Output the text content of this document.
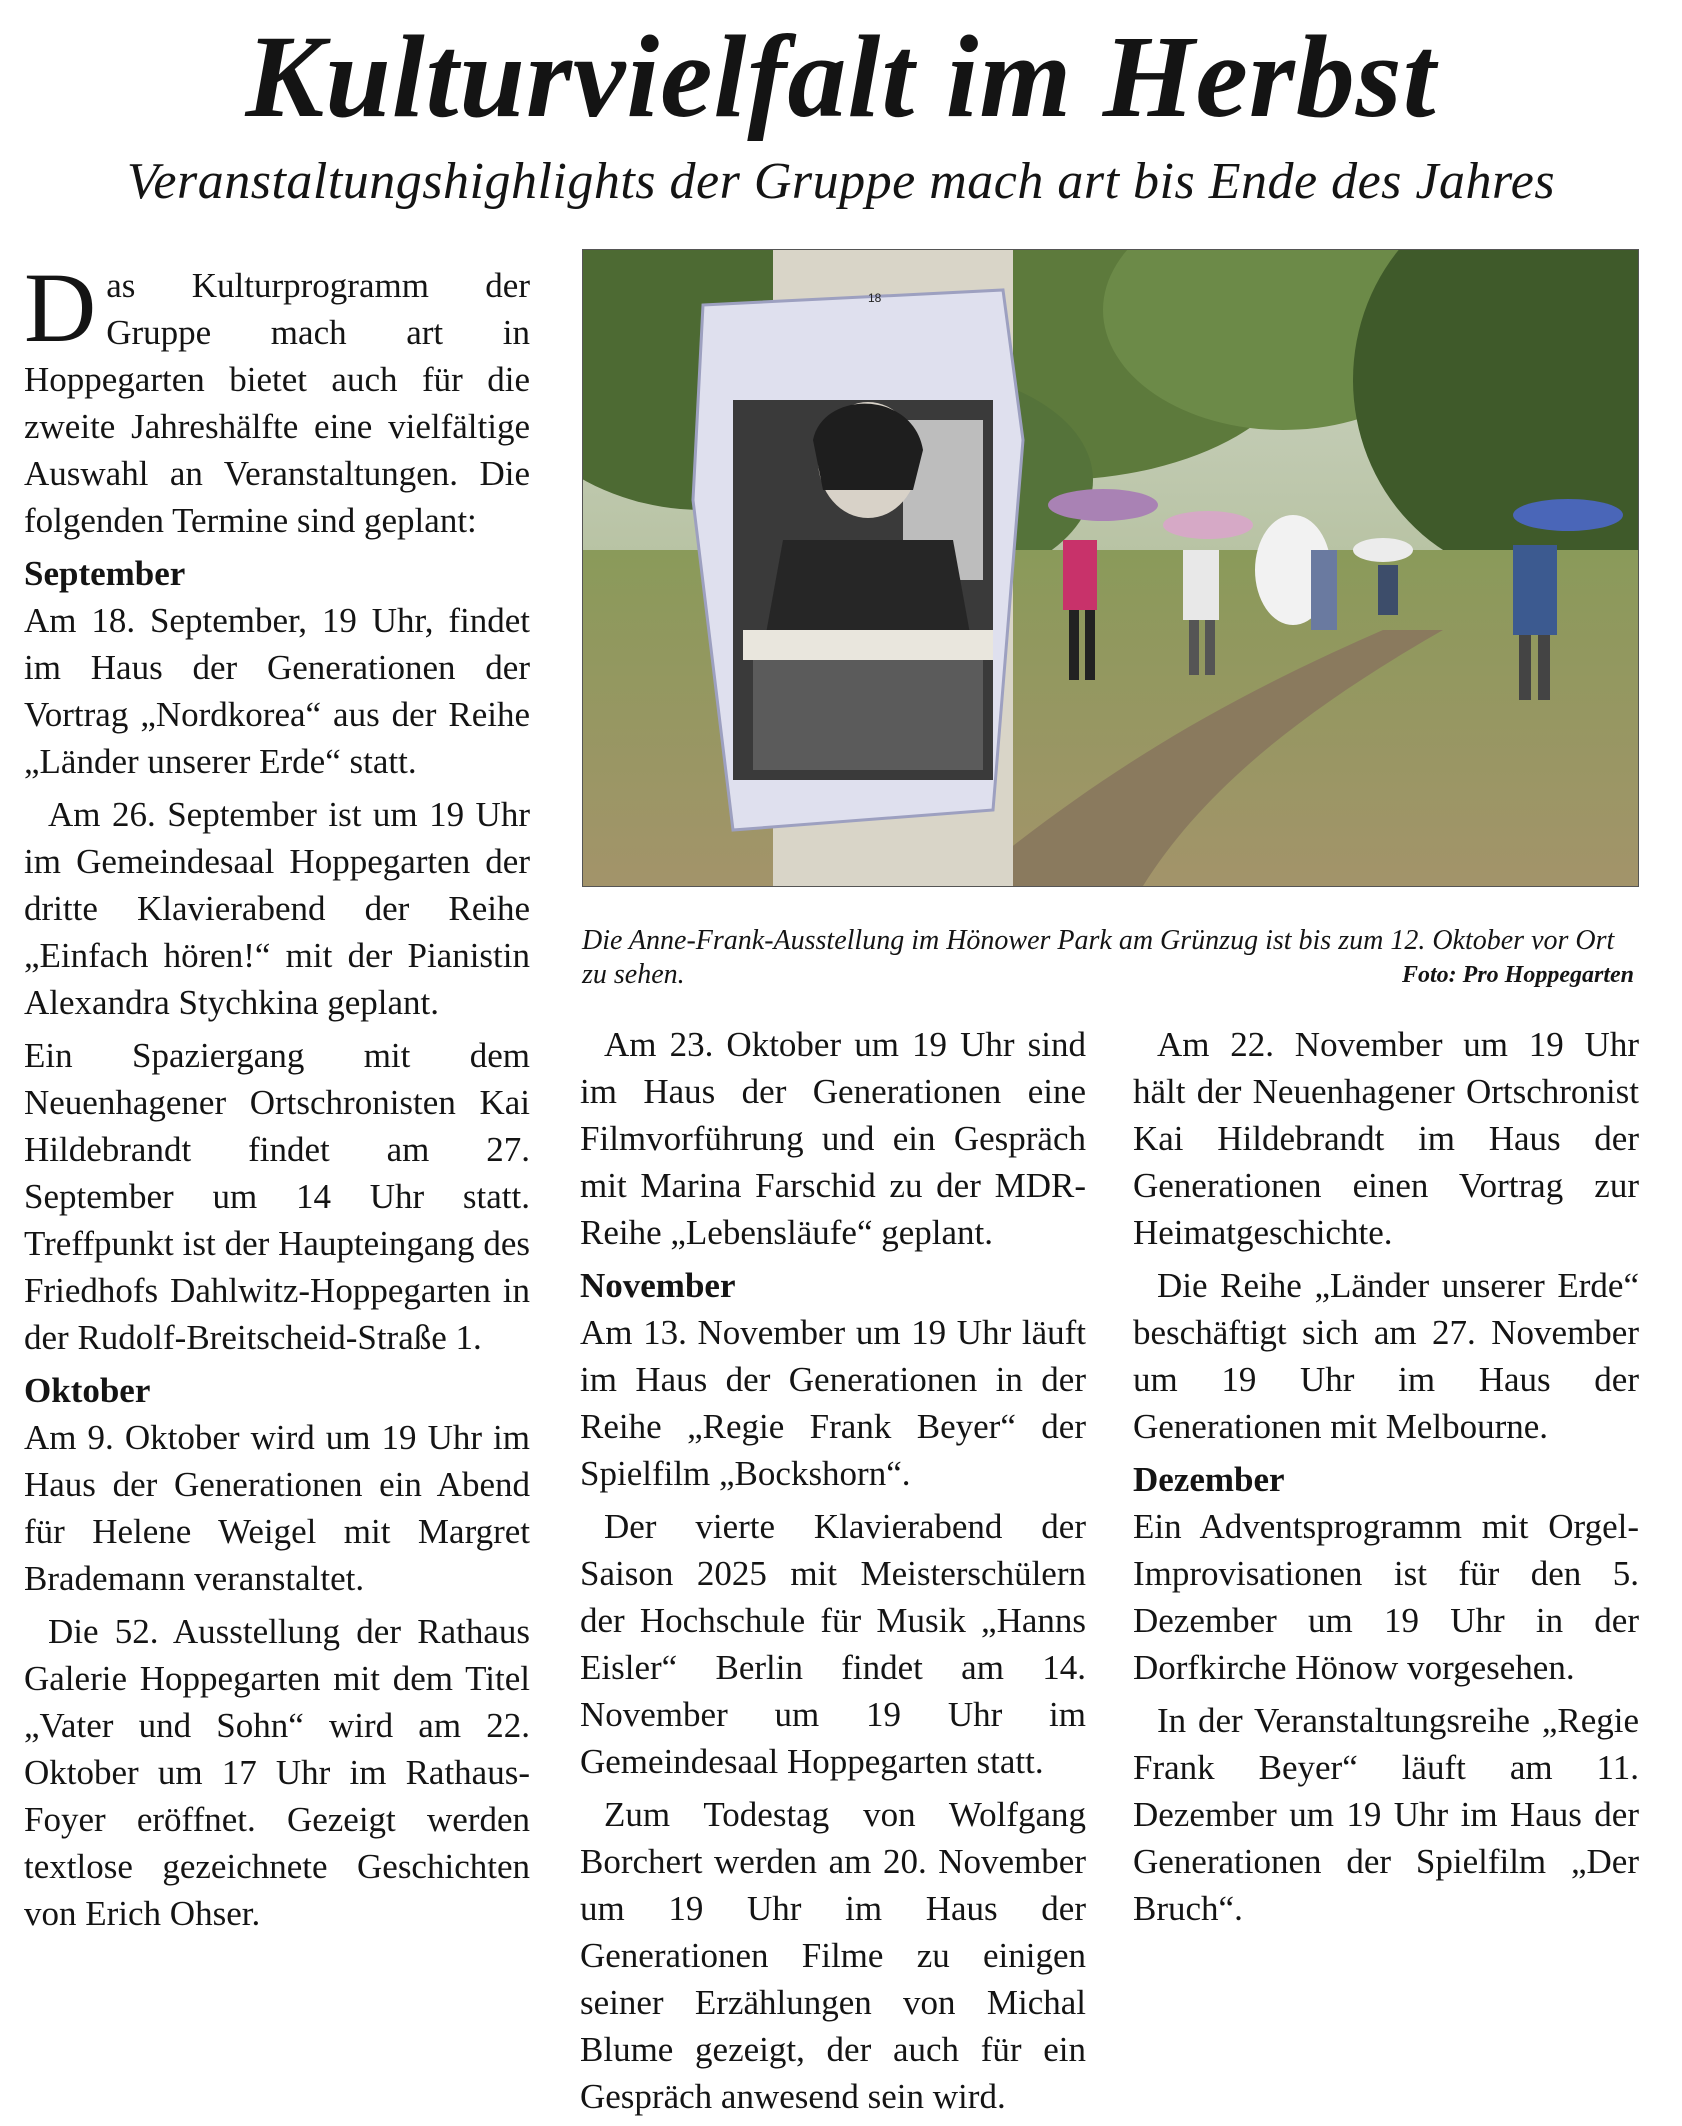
Kulturvielfalt im Herbst
Veranstaltungshighlights der Gruppe mach art bis Ende des Jahres

Das Kulturprogramm der Gruppe mach art in Hoppegarten bietet auch für die zweite Jahreshälfte eine vielfältige Auswahl an Veranstaltungen. Die folgenden Termine sind geplant:

September

Am 18. September, 19 Uhr, findet im Haus der Generationen der Vortrag „Nordkorea“ aus der Reihe „Länder unserer Erde“ statt.

Am 26. September ist um 19 Uhr im Gemeindesaal Hoppegarten der dritte Klavierabend der Reihe „Einfach hören!“ mit der Pianistin Alexandra Stychkina geplant.

Ein Spaziergang mit dem Neuenhagener Ortschronisten Kai Hildebrandt findet am 27. September um 14 Uhr statt. Treffpunkt ist der Haupteingang des Friedhofs Dahlwitz-Hoppegarten in der Rudolf-Breitscheid-Straße 1.

Oktober

Am 9. Oktober wird um 19 Uhr im Haus der Generationen ein Abend für Helene Weigel mit Margret Brademann veranstaltet.

Die 52. Ausstellung der Rathaus Galerie Hoppegarten mit dem Titel „Vater und Sohn“ wird am 22. Oktober um 17 Uhr im Rathaus-Foyer eröffnet. Gezeigt werden textlose gezeichnete Geschichten von Erich Ohser.

18
Die Anne-Frank-Ausstellung im Hönower Park am Grünzug ist bis zum 12. Oktober vor Ort zu sehen.	Foto: Pro Hoppegarten

Am 23. Oktober um 19 Uhr sind im Haus der Generationen eine Filmvorführung und ein Gespräch mit Marina Farschid zu der MDR-Reihe „Lebensläufe“ geplant.

November

Am 13. November um 19 Uhr läuft im Haus der Generationen in der Reihe „Regie Frank Beyer“ der Spielfilm „Bockshorn“.

Der vierte Klavierabend der Saison 2025 mit Meisterschülern der Hochschule für Musik „Hanns Eisler“ Berlin findet am 14. November um 19 Uhr im Gemeindesaal Hoppegarten statt.

Zum Todestag von Wolfgang Borchert werden am 20. November um 19 Uhr im Haus der Generationen Filme zu einigen seiner Erzählungen von Michal Blume gezeigt, der auch für ein Gespräch anwesend sein wird.

Am 22. November um 19 Uhr hält der Neuenhagener Ortschronist Kai Hildebrandt im Haus der Generationen einen Vortrag zur Heimatgeschichte.

Die Reihe „Länder unserer Erde“ beschäftigt sich am 27. November um 19 Uhr im Haus der Generationen mit Melbourne.

Dezember

Ein Adventsprogramm mit Orgel-Improvisationen ist für den 5. Dezember um 19 Uhr in der Dorfkirche Hönow vorgesehen.

In der Veranstaltungsreihe „Regie Frank Beyer“ läuft am 11. Dezember um 19 Uhr im Haus der Generationen der Spielfilm „Der Bruch“.
